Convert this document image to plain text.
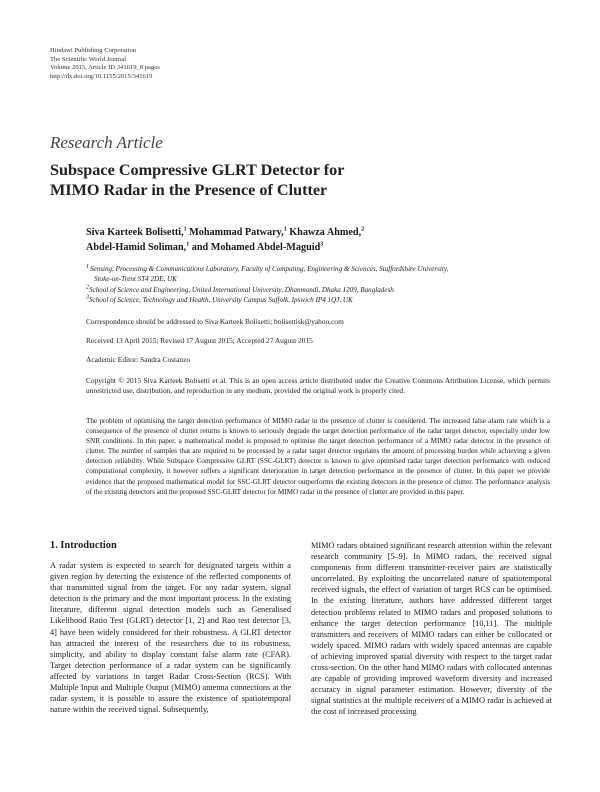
Hindawi Publishing Corporation
The Scientific World Journal
Volume 2015, Article ID 341619, 8 pages
http://dx.doi.org/10.1155/2015/341619
Research Article
Subspace Compressive GLRT Detector for
MIMO Radar in the Presence of Clutter
Siva Karteek Bolisetti,$^1$ Mohammad Patwary,$^1$ Khawza Ahmed,$^2$
Abdel-Hamid Soliman,$^1$ and Mohamed Abdel-Maguid$^3$
1 Sensing, Processing & Communications Laboratory, Faculty of Computing, Engineering & Sciences, Staffordshire University,
Stoke-on-Trent ST4 2DE, UK
$^2$School of Science and Engineering, United International University, Dhanmondi, Dhaka 1209, Bangladesh
$^3$School of Science, Technology and Health, University Campus Suffolk, Ipswich IP4 1QJ, UK
Correspondence should be addressed to Siva Karteek Bolisetti; bolisettisk@yahoo.com
Received 13 April 2015; Revised 17 August 2015; Accepted 27 August 2015
Academic Editor: Sandra Costanzo
Copyright © 2015 Siva Karteek Bolisetti et al. This is an open access article distributed under the Creative Commons Attribution License, which permits unrestricted use, distribution, and reproduction in any medium, provided the original work is properly cited.
The problem of optimising the target detection performance of MIMO radar in the presence of clutter is considered. The increased false alarm rate which is a consequence of the presence of clutter returns is known to seriously degrade the target detection performance of the radar target detector, especially under low SNR conditions. In this paper, a mathematical model is proposed to optimise the target detection performance of a MIMO radar detector in the presence of clutter. The number of samples that are required to be processed by a radar target detector regulates the amount of processing burden while achieving a given detection reliability. While Subspace Compressive GLRT (SSC-GLRT) detector is known to give optimised radar target detection performance with reduced computational complexity, it however suffers a significant deterioration in target detection performance in the presence of clutter. In this paper we provide evidence that the proposed mathematical model for SSC-GLRT detector outperforms the existing detectors in the presence of clutter. The performance analysis of the existing detectors and the proposed SSC-GLRT detector for MIMO radar in the presence of clutter are provided in this paper.
1. Introduction
A radar system is expected to search for designated targets within a given region by detecting the existence of the reflected components of that transmitted signal from the target. For any radar system, signal detection is the primary and the most important process. In the existing literature, different signal detection models such as Generalised Likelihood Ratio Test (GLRT) detector [1, 2] and Rao test detector [3, 4] have been widely considered for their robustness. A GLRT detector has attracted the interest of the researchers due to its robustness, simplicity, and ability to display constant false alarm rate (CFAR). Target detection performance of a radar system can be significantly affected by variations in target Radar Cross-Section (RCS). With Multiple Input and Multiple Output (MIMO) antenna connections at the radar system, it is possible to assure the existence of spatiotemporal nature within the received signal. Subsequently,
MIMO radars obtained significant research attention within the relevant research community [5–9]. In MIMO radars, the received signal components from different transmitter-receiver pairs are statistically uncorrelated. By exploiting the uncorrelated nature of spatiotemporal received signals, the effect of variation of target RCS can be optimised. In the existing literature, authors have addressed different target detection problems related to MIMO radars and proposed solutions to enhance the target detection performance [10,11]. The multiple transmitters and receivers of MIMO radars can either be collocated or widely spaced. MIMO radars with widely spaced antennas are capable of achieving improved spatial diversity with respect to the target radar cross-section. On the other hand MIMO radars with collocated antennas are capable of providing improved waveform diversity and increased accuracy in signal parameter estimation. However, diversity of the signal statistics at the multiple receivers of a MIMO radar is achieved at the cost of increased processing
